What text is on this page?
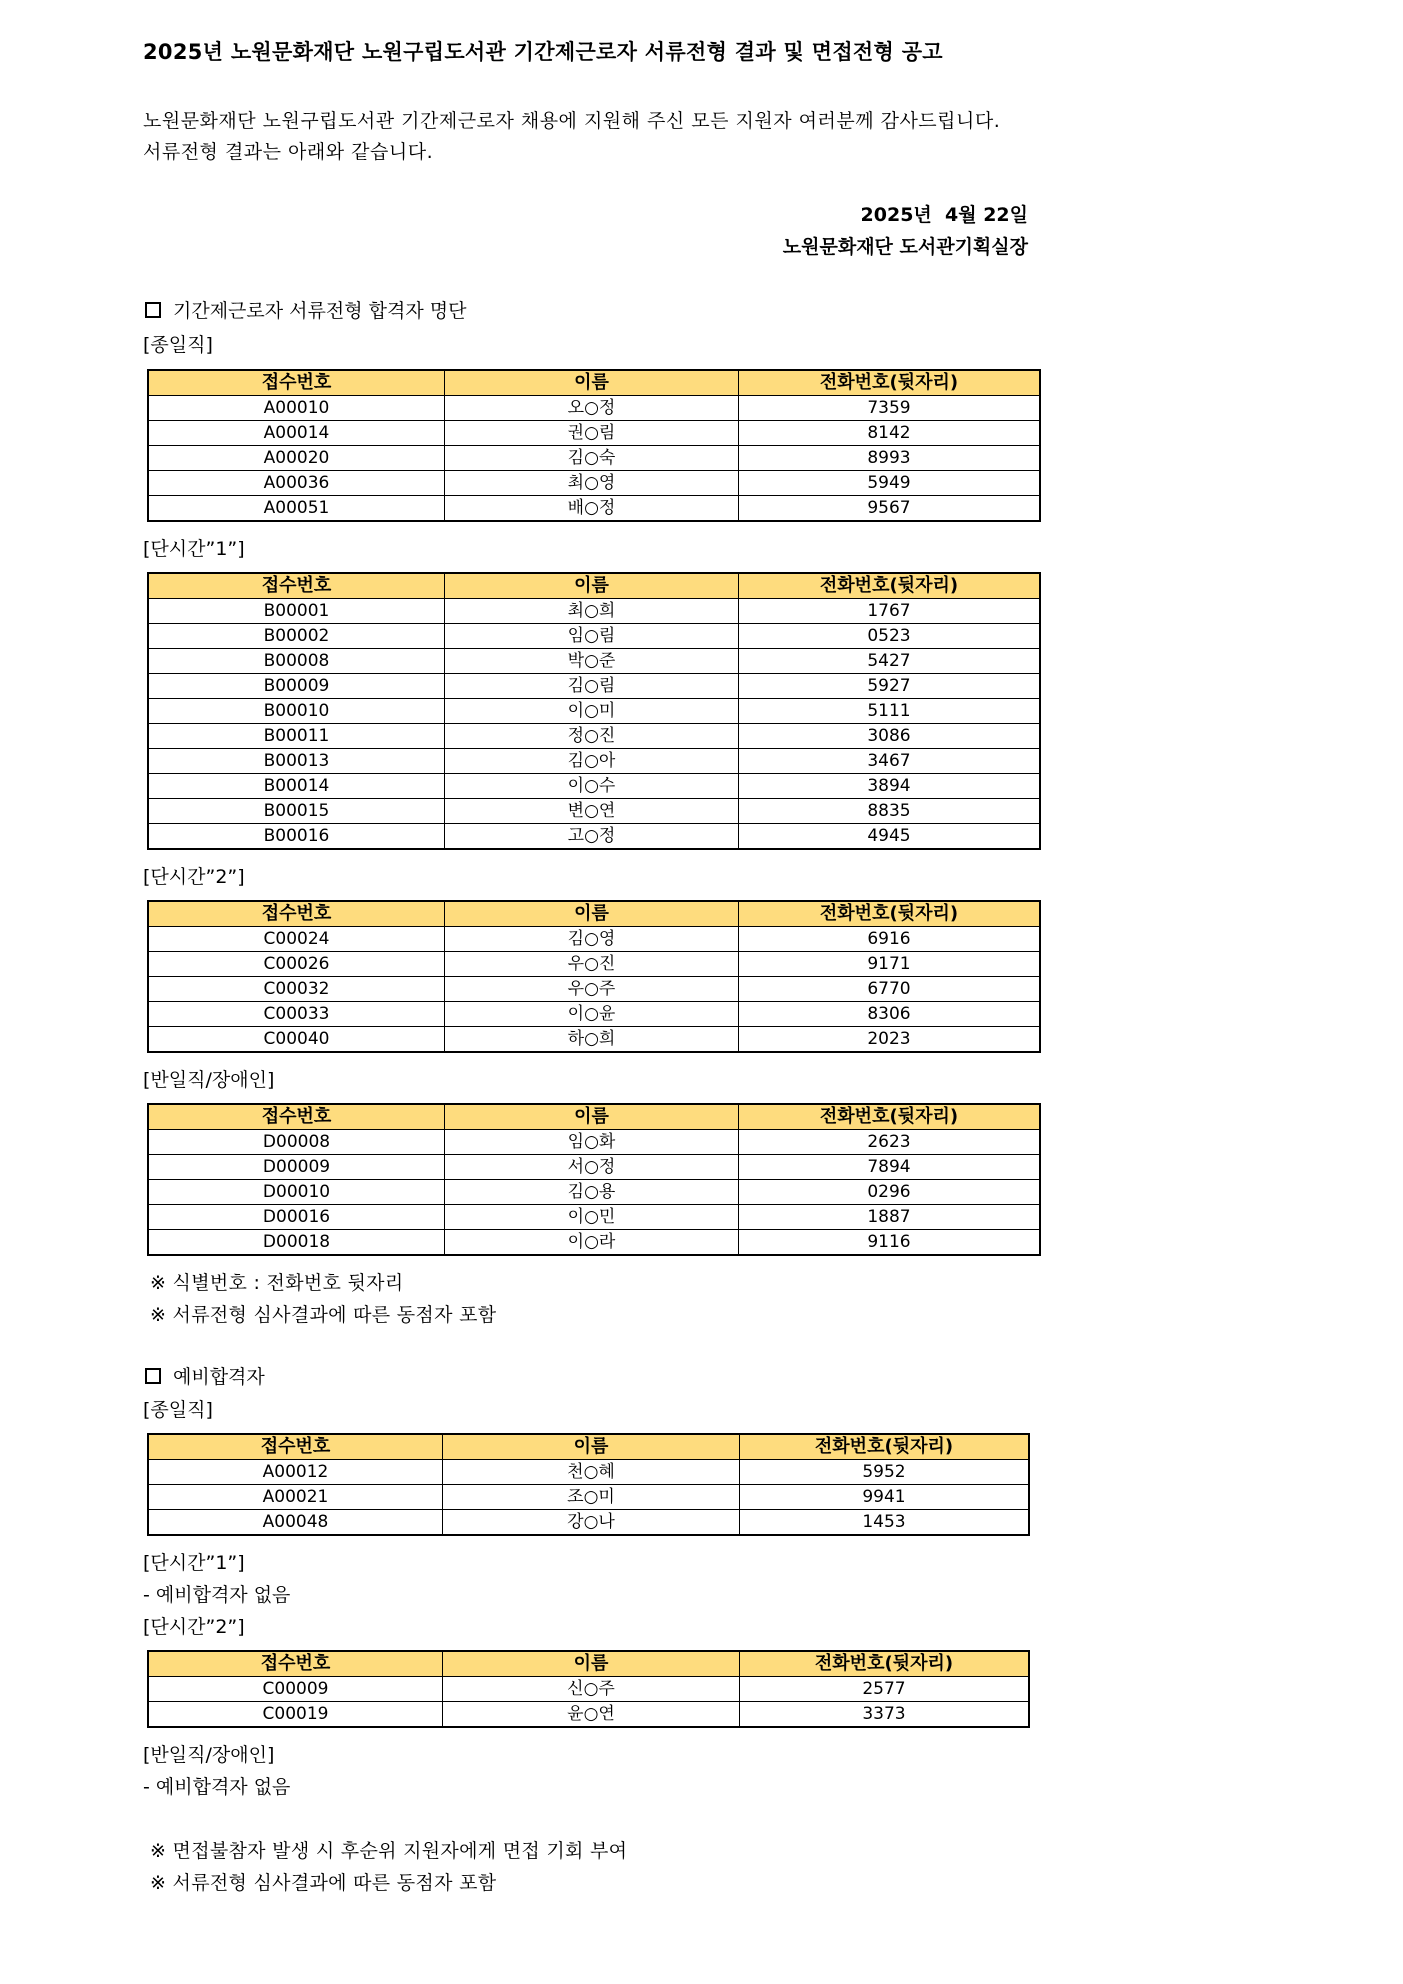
2025년 노원문화재단 노원구립도서관 기간제근로자 서류전형 결과 및 면접전형 공고
노원문화재단 노원구립도서관 기간제근로자 채용에 지원해 주신 모든 지원자 여러분께 감사드립니다.
서류전형 결과는 아래와 같습니다.
2025년  4월 22일
노원문화재단 도서관기획실장
기간제근로자 서류전형 합격자 명단
[종일직]
접수번호	이름	전화번호(뒷자리)
A00010	오○정	7359
A00014	권○림	8142
A00020	김○숙	8993
A00036	최○영	5949
A00051	배○정	9567
[단시간”1”]
접수번호	이름	전화번호(뒷자리)
B00001	최○희	1767
B00002	임○림	0523
B00008	박○준	5427
B00009	김○림	5927
B00010	이○미	5111
B00011	정○진	3086
B00013	김○아	3467
B00014	이○수	3894
B00015	변○연	8835
B00016	고○정	4945
[단시간”2”]
접수번호	이름	전화번호(뒷자리)
C00024	김○영	6916
C00026	우○진	9171
C00032	우○주	6770
C00033	이○윤	8306
C00040	하○희	2023
[반일직/장애인]
접수번호	이름	전화번호(뒷자리)
D00008	임○화	2623
D00009	서○정	7894
D00010	김○용	0296
D00016	이○민	1887
D00018	이○라	9116
※ 식별번호 : 전화번호 뒷자리
※ 서류전형 심사결과에 따른 동점자 포함
예비합격자
[종일직]
접수번호	이름	전화번호(뒷자리)
A00012	천○혜	5952
A00021	조○미	9941
A00048	강○나	1453
[단시간”1”]
- 예비합격자 없음
[단시간”2”]
접수번호	이름	전화번호(뒷자리)
C00009	신○주	2577
C00019	윤○연	3373
[반일직/장애인]
- 예비합격자 없음
※ 면접불참자 발생 시 후순위 지원자에게 면접 기회 부여
※ 서류전형 심사결과에 따른 동점자 포함
